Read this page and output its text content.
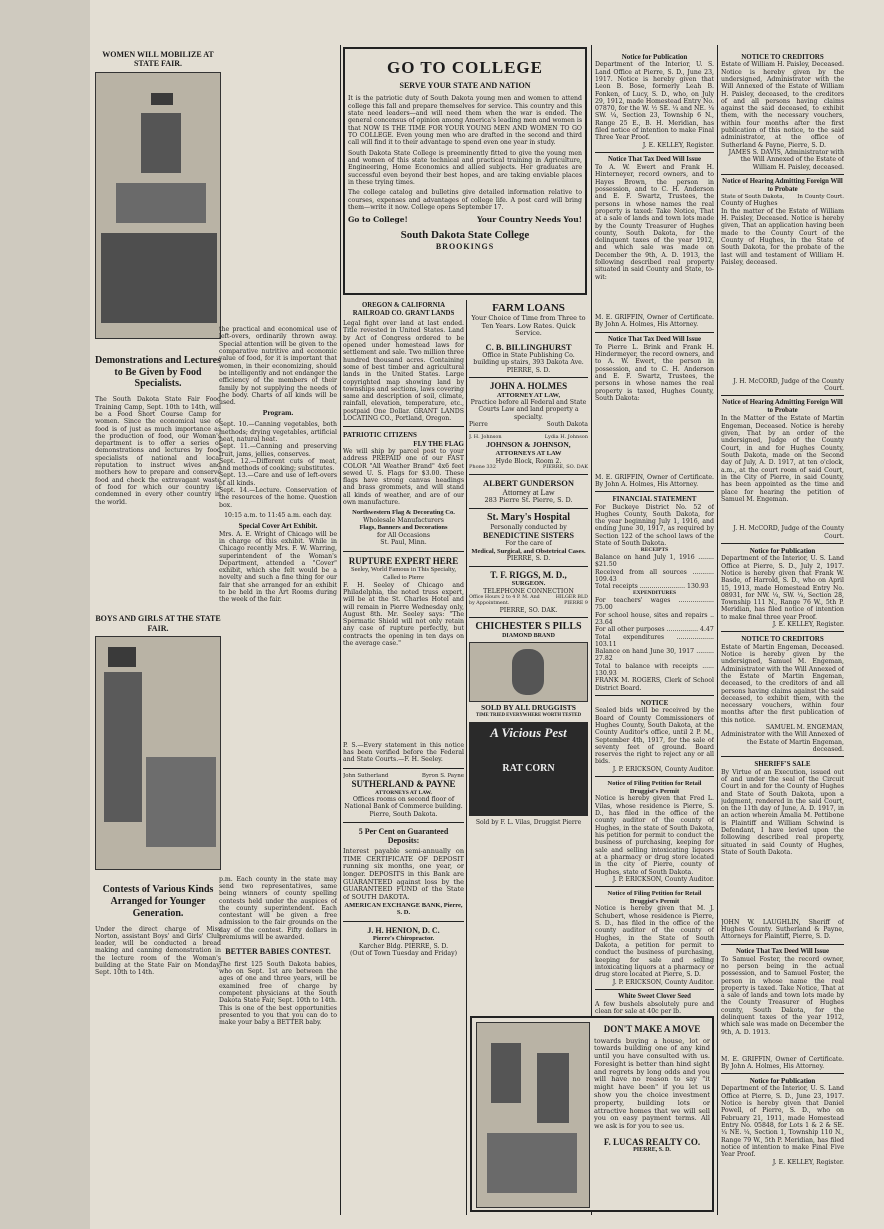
WOMEN WILL MOBILIZE AT STATE FAIR.
Demonstrations and Lectures to Be Given by Food Specialists.
The South Dakota State Fair Food Training Camp, Sept. 10th to 14th, will be a Food Short Course Camp for women. Since the economical use of food is of just as much importance as the production of food, our Woman's department is to offer a series of demonstrations and lectures by food specialists of national and local reputation to instruct wives and mothers how to prepare and conserve food and check the extravagant waste of food for which our country is condemned in every other country in the world.
BOYS AND GIRLS AT THE STATE FAIR.
Contests of Various Kinds Arranged for Younger Generation.
Under the direct charge of Miss Norton, assistant Boys' and Girls' Club leader, will be conducted a bread making and canning demonstration in the lecture room of the Woman's building at the State Fair on Monday, Sept. 10th to 14th.
the practical and economical use of left-overs, ordinarily thrown away. Special attention will be given to the comparative nutritive and economic value of food, for it is important that women, in their economizing, should be intelligently and not endanger the efficiency of the members of their family by not supplying the needs of the body. Charts of all kinds will be used.
Program.
Sept. 10.—Canning vegetables, both methods; drying vegetables, artificial heat, natural heat.
Sept. 11.—Canning and preserving fruit, jams, jellies, conserves.
Sept. 12.—Different cuts of meat, and methods of cooking; substitutes.
Sept. 13.—Care and use of left-overs of all kinds.
Sept. 14.—Lecture. Conservation of the resources of the home. Question box.
10:15 a.m. to 11:45 a.m. each day.
Special Cover Art Exhibit.
Mrs. A. E. Wright of Chicago will be in charge of this exhibit. While in Chicago recently Mrs. F. W. Warring, superintendent of the Woman's Department, attended a "Cover" exhibit, which she felt would be a novelty and such a fine thing for our fair that she arranged for an exhibit to be held in the Art Rooms during the week of the fair.
p.m. Each county in the state may send two representatives, same being winners of county spelling contests held under the auspices of the county superintendent. Each contestant will be given a free admission to the fair grounds on the day of the contest. Fifty dollars in premiums will be awarded.
BETTER BABIES CONTEST.
The first 125 South Dakota babies, who on Sept. 1st are between the ages of one and three years, will be examined free of charge by competent physicians at the South Dakota State Fair, Sept. 10th to 14th. This is one of the best opportunities presented to you that you can do to make your baby a BETTER baby.
GO TO COLLEGE
SERVE YOUR STATE AND NATION
It is the patriotic duty of South Dakota young men and women to attend college this fall and prepare themselves for service. This country and this state need leaders—and will need them when the war is ended. The general concensus of opinion among America's leading men and women is that NOW IS THE TIME FOR YOUR YOUNG MEN AND WOMEN TO GO TO COLLEGE. Even young men who are drafted in the second and third call will find it to their advantage to spend even one year in study.
South Dakota State College is preeminently fitted to give the young men and women of this state technical and practical training in Agriculture, Engineering, Home Economics and allied subjects. Her graduates are successful even beyond their best hopes, and are taking enviable places in these trying times.
The college catalog and bulletins give detailed information relative to courses, expenses and advantages of college life. A post card will bring them—write it now. College opens September 17.
Go to College!	Your Country Needs You!
South Dakota State College
BROOKINGS
OREGON & CALIFORNIA RAILROAD CO. GRANT LANDS
Legal fight over land at last ended. Title revested in United States. Land by Act of Congress ordered to be opened under homestead laws for settlement and sale. Two million three hundred thousand acres. Containing some of best timber and agricultural lands in the United States. Large copyrighted map showing land by townships and sections, laws covering same and description of soil, climate, rainfall, elevation, temperature, etc., postpaid One Dollar. GRANT LANDS LOCATING CO., Portland, Oregon.
PATRIOTIC CITIZENS
FLY THE FLAG
We will ship by parcel post to your address PREPAID one of our FAST COLOR "All Weather Brand" 4x6 feet sewed U. S. Flags for $3.00. These flags have strong canvas headings and brass grommets, and will stand all kinds of weather, and are of our own manufacture.
Northwestern Flag & Decorating Co.
Wholesale Manufacturers
Flags, Banners and Decorations
for All Occasions
St. Paul, Minn.
RUPTURE EXPERT HERE
Seeley, World Famous in This Specialty, Called to Pierre
F. H. Seeley of Chicago and Philadelphia, the noted truss expert, will be at the St. Charles Hotel and will remain in Pierre Wednesday only, August 8th. Mr. Seeley says: "The Spermatic Shield will not only retain any case of rupture perfectly, but contracts the opening in ten days on the average case."
P. S.—Every statement in this notice has been verified before the Federal and State Courts.—F. H. Seeley.
John Sutherland	Byron S. Payne
SUTHERLAND & PAYNE
ATTORNEYS AT LAW.
Offices rooms on second floor of National Bank of Commerce building.
Pierre, South Dakota.
5 Per Cent on Guaranteed Deposits:
Interest payable semi-annually on TIME CERTIFICATE OF DEPOSIT running six months, one year, or longer. DEPOSITS in this Bank are GUARANTEED against loss by the GUARANTEED FUND of the State of SOUTH DAKOTA.
AMERICAN EXCHANGE BANK, Pierre, S. D.
J. H. HENION, D. C.
Pierre's Chiropractor.
Karcher Bldg. PIERRE, S. D.
(Out of Town Tuesday and Friday)
FARM LOANS
Your Choice of Time from Three to Ten Years. Low Rates. Quick Service.
C. B. BILLINGHURST
Office in State Publishing Co. building up stairs, 393 Dakota Ave.
PIERRE, S. D.
JOHN A. HOLMES
ATTORNEY AT LAW,
Practice before all Federal and State Courts Law and land property a specialty.
Pierre	South Dakota
J. H. Johnson	Lydia H. Johnson
JOHNSON & JOHNSON,
ATTORNEYS AT LAW
Hyde Block, Room 2.
Phone 332	PIERRE, SO. DAK
ALBERT GUNDERSON
Attorney at Law
283 Pierre St. Pierre, S. D.
St. Mary's Hospital
Personally conducted by
BENEDICTINE SISTERS
For the care of
Medical, Surgical, and Obstetrical Cases.
PIERRE, S. D.
T. F. RIGGS, M. D.,
SURGEON.
TELEPHONE CONNECTION
Office Hours 2 to 4 P. M. And by Appointment.
HILGER BLD PIERRE 9
PIERRE, SO. DAK.
CHICHESTER S PILLS
DIAMOND BRAND
SOLD BY ALL DRUGGISTS
TIME TRIED EVERYWHERE WORTH TESTED
A Vicious Pest
RAT CORN
Sold by F. L. Vilas, Druggist Pierre
Notice for Publication
Department of the Interior, U. S. Land Office at Pierre, S. D., June 23, 1917. Notice is hereby given that Leon B. Bose, formerly Leah B. Fonken, of Lucy, S. D., who, on July 29, 1912, made Homestead Entry No. 07870, for the W. ½ SE. ¼ and NE. ¼ SW. ¼, Section 23, Township 6 N., Range 25 E., B. H. Meridian, has filed notice of intention to make Final Three Year Proof.
J. E. KELLEY, Register.
Notice That Tax Deed Will Issue
To A. W. Ewert and Frank H. Hinterneyer, record owners, and to Hayes Brown, the person in possession, and to C. H. Anderson and E. F. Swartz, Trustees, the persons in whose names the real property is taxed: Take Notice, That at a sale of lands and town lots made by the County Treasurer of Hughes county, South Dakota, for the delinquent taxes of the year 1912, and which sale was made on December the 9th, A. D. 1913, the following described real property situated in said County and State, to-wit:
M. E. GRIFFIN, Owner of Certificate. By John A. Holmes, His Attorney.
Notice That Tax Deed Will Issue
To Pierre L. Brink and Frank H. Hindermeyer, the record owners, and to A. W. Ewert, the person in possession, and to C. H. Anderson and E. F. Swartz, Trustees, the persons in whose names the real property is taxed, Hughes County, South Dakota:
M. E. GRIFFIN, Owner of Certificate. By John A. Holmes, His Attorney.
FINANCIAL STATEMENT
For Buckeye District No. 52 of Hughes County, South Dakota, for the year beginning July 1, 1916, and ending June 30, 1917, as required by Section 122 of the school laws of the State of South Dakota.
RECEIPTS
Balance on hand July 1, 1916 ........ $21.50
Received from all sources ........... 109.43
Total receipts ....................... 130.93
EXPENDITURES
For teachers' wages .................. 75.00
For school house, sites and repairs .. 23.64
For all other purposes ................ 4.47
Total expenditures ................... 103.11
Balance on hand June 30, 1917 ......... 27.82
Total to balance with receipts ...... 130.93
FRANK M. ROGERS, Clerk of School District Board.
NOTICE
Sealed bids will be received by the Board of County Commissioners of Hughes County, South Dakota, at the County Auditor's office, until 2 P. M., September 4th, 1917, for the sale of seventy feet of ground. Board reserves the right to reject any or all bids.
J. P. ERICKSON, County Auditor.
Notice of Filing Petition for Retail Druggist's Permit
Notice is hereby given that Fred L. Vilas, whose residence is Pierre, S. D., has filed in the office of the county auditor of the county of Hughes, in the state of South Dakota, his petition for permit to conduct the business of purchasing, keeping for sale and selling intoxicating liquors at a pharmacy or drug store located in the city of Pierre, county of Hughes, state of South Dakota.
J. P. ERICKSON, County Auditor.
Notice of Filing Petition for Retail Druggist's Permit
Notice is hereby given that M. J. Schubert, whose residence is Pierre, S. D., has filed in the office of the county auditor of the county of Hughes, in the State of South Dakota, a petition for permit to conduct the business of purchasing, keeping for sale and selling intoxicating liquors at a pharmacy or drug store located at Pierre, S. D.
J. P. ERICKSON, County Auditor.
White Sweet Clover Seed
A few bushels absolutely pure and clean for sale at 40c per lb.
DON'T MAKE A MOVE
towards buying a house, lot or towards building one of any kind until you have consulted with us. Foresight is better than hind sight and regrets by long odds and you will have no reason to say "it might have been" if you let us show you the choice investment property, building lots or attractive homes that we will sell you on easy payment terms. All we ask is for you to see us.
F. LUCAS REALTY CO.
PIERRE, S. D.
NOTICE TO CREDITORS
Estate of William H. Paisley, Deceased. Notice is hereby given by the undersigned, Administrator with the Will Annexed of the Estate of William H. Paisley, deceased, to the creditors of and all persons having claims against the said deceased, to exhibit them, with the necessary vouchers, within four months after the first publication of this notice, to the said administrator, at the office of Sutherland & Payne, Pierre, S. D.
JAMES S. DAVIS, Administrator with the Will Annexed of the Estate of William H. Paisley, deceased.
Notice of Hearing Admitting Foreign Will to Probate
State of South Dakota, In County Court.
County of Hughes
In the matter of the Estate of William H. Paisley, Deceased. Notice is hereby given, That an application having been made to the County Court of the County of Hughes, in the State of South Dakota, for the probate of the last will and testament of William H. Paisley, deceased.
J. H. McCORD, Judge of the County Court.
Notice of Hearing Admitting Foreign Will to Probate
In the Matter of the Estate of Martin Engeman, Deceased. Notice is hereby given, That by an order of the undersigned, Judge of the County Court, in and for Hughes County, South Dakota, made on the Second day of July, A. D. 1917, at ten o'clock, a.m., at the court room of said Court, in the City of Pierre, in said County, has been appointed as the time and place for hearing the petition of Samuel M. Engeman.
J. H. McCORD, Judge of the County Court.
Notice for Publication
Department of the Interior, U. S. Land Office at Pierre, S. D., July 2, 1917. Notice is hereby given that Frank W. Basde, of Harrold, S. D., who on April 15, 1913, made Homestead Entry No. 08931, for NW. ¼, SW. ¼, Section 28, Township 111 N., Range 76 W., 5th P. Meridian, has filed notice of intention to make final three year Proof.
J. E. KELLEY, Register.
NOTICE TO CREDITORS
Estate of Martin Engeman, Deceased. Notice is hereby given by the undersigned, Samuel M. Engeman, Administrator with the Will Annexed of the Estate of Martin Engeman, deceased, to the creditors of and all persons having claims against the said deceased, to exhibit them, with the necessary vouchers, within four months after the first publication of this notice.
SAMUEL M. ENGEMAN, Administrator with the Will Annexed of the Estate of Martin Engeman, deceased.
SHERIFF'S SALE
By Virtue of an Execution, issued out of and under the seal of the Circuit Court in and for the County of Hughes and State of South Dakota, upon a judgment, rendered in the said Court, on the 11th day of June, A. D. 1917, in an action wherein Amalia M. Pettibone is Plaintiff and William Schwind is Defendant, I have levied upon the following described real property, situated in said County of Hughes, State of South Dakota.
JOHN W. LAUGHLIN, Sheriff of Hughes County. Sutherland & Payne, Attorneys for Plaintiff, Pierre, S. D.
Notice That Tax Deed Will Issue
To Samuel Foster, the record owner, no person being in the actual possession, and to Samuel Foster, the person in whose name the real property is taxed. Take Notice, That at a sale of lands and town lots made by the County Treasurer of Hughes county, South Dakota, for the delinquent taxes of the year 1912, which sale was made on December the 9th, A. D. 1913.
M. E. GRIFFIN, Owner of Certificate. By John A. Holmes, His Attorney.
Notice for Publication
Department of the Interior, U. S. Land Office at Pierre, S. D., June 23, 1917. Notice is hereby given that Daniel Powell, of Pierre, S. D., who on February 21, 1911, made Homestead Entry No. 05848, for Lots 1 & 2 & SE. ¼ NE. ¼, Section 1, Township 110 N., Range 79 W., 5th P. Meridian, has filed notice of intention to make Final Five Year Proof.
J. E. KELLEY, Register.
